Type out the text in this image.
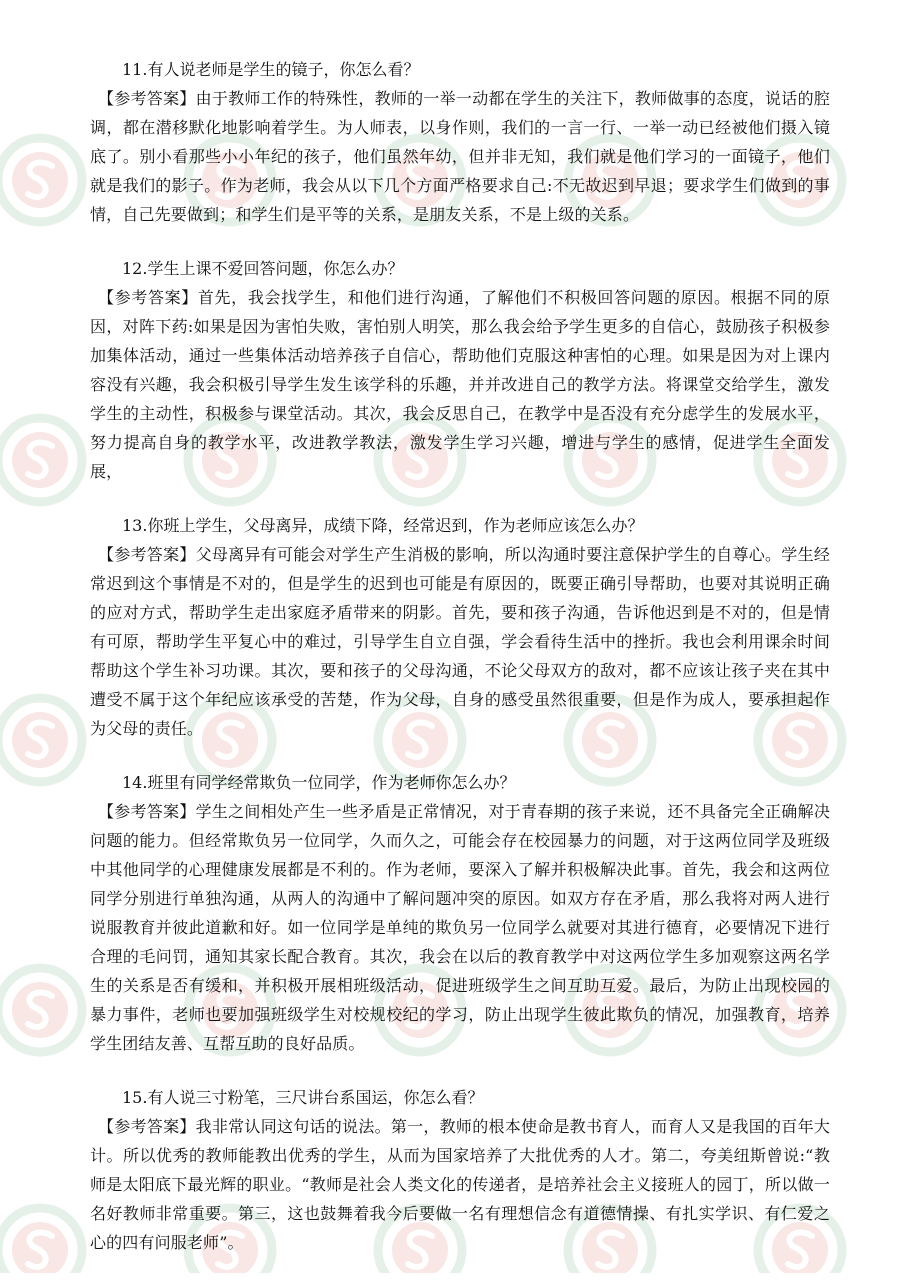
11.有人说老师是学生的镜子，你怎么看？

【参考答案】由于教师工作的特殊性，教师的一举一动都在学生的关注下，教师做事的态度，说话的腔调，都在潜移默化地影响着学生。为人师表，以身作则，我们的一言一行、一举一动已经被他们摄入镜底了。别小看那些小小年纪的孩子，他们虽然年幼，但并非无知，我们就是他们学习的一面镜子，他们就是我们的影子。作为老师，我会从以下几个方面严格要求自己:不无故迟到早退；要求学生们做到的事情，自己先要做到；和学生们是平等的关系，是朋友关系，不是上级的关系。

12.学生上课不爱回答问题，你怎么办？

【参考答案】首先，我会找学生，和他们进行沟通，了解他们不积极回答问题的原因。根据不同的原因，对阵下药:如果是因为害怕失败，害怕别人明笑，那么我会给予学生更多的自信心，鼓励孩子积极参加集体活动，通过一些集体活动培养孩子自信心，帮助他们克服这种害怕的心理。如果是因为对上课内容没有兴趣，我会积极引导学生发生该学科的乐趣，并并改进自己的教学方法。将课堂交给学生，激发学生的主动性，积极参与课堂活动。其次，我会反思自己，在教学中是否没有充分虑学生的发展水平，努力提高自身的教学水平，改进教学教法，激发学生学习兴趣，增进与学生的感情，促进学生全面发展，

13.你班上学生，父母离异，成绩下降，经常迟到，作为老师应该怎么办？

【参考答案】父母离异有可能会对学生产生消极的影响，所以沟通时要注意保护学生的自尊心。学生经常迟到这个事情是不对的，但是学生的迟到也可能是有原因的，既要正确引导帮助，也要对其说明正确的应对方式，帮助学生走出家庭矛盾带来的阴影。首先，要和孩子沟通，告诉他迟到是不对的，但是情有可原，帮助学生平复心中的难过，引导学生自立自强，学会看待生活中的挫折。我也会利用课余时间帮助这个学生补习功课。其次，要和孩子的父母沟通，不论父母双方的敌对，都不应该让孩子夹在其中遭受不属于这个年纪应该承受的苦楚，作为父母，自身的感受虽然很重要，但是作为成人，要承担起作为父母的责任。

14.班里有同学经常欺负一位同学，作为老师你怎么办？

【参考答案】学生之间相处产生一些矛盾是正常情况，对于青春期的孩子来说，还不具备完全正确解决问题的能力。但经常欺负另一位同学，久而久之，可能会存在校园暴力的问题，对于这两位同学及班级中其他同学的心理健康发展都是不利的。作为老师，要深入了解并积极解决此事。首先，我会和这两位同学分别进行单独沟通，从两人的沟通中了解问题冲突的原因。如双方存在矛盾，那么我将对两人进行说服教育并彼此道歉和好。如一位同学是单纯的欺负另一位同学么就要对其进行德育，必要情况下进行合理的毛问罚，通知其家长配合教育。其次，我会在以后的教育教学中对这两位学生多加观察这两名学生的关系是否有缓和，并积极开展相班级活动，促进班级学生之间互助互爱。最后，为防止出现校园的暴力事件，老师也要加强班级学生对校规校纪的学习，防止出现学生彼此欺负的情况，加强教育，培养学生团结友善、互帮互助的良好品质。

15.有人说三寸粉笔，三尺讲台系国运，你怎么看？

【参考答案】我非常认同这句话的说法。第一，教师的根本使命是教书育人，而育人又是我国的百年大计。所以优秀的教师能教出优秀的学生，从而为国家培养了大批优秀的人才。第二，夸美纽斯曾说:“教师是太阳底下最光辉的职业。“教师是社会人类文化的传递者，是培养社会主义接班人的园丁，所以做一名好教师非常重要。第三，这也鼓舞着我今后要做一名有理想信念有道德情操、有扎实学识、有仁爱之心的四有问服老师”。
